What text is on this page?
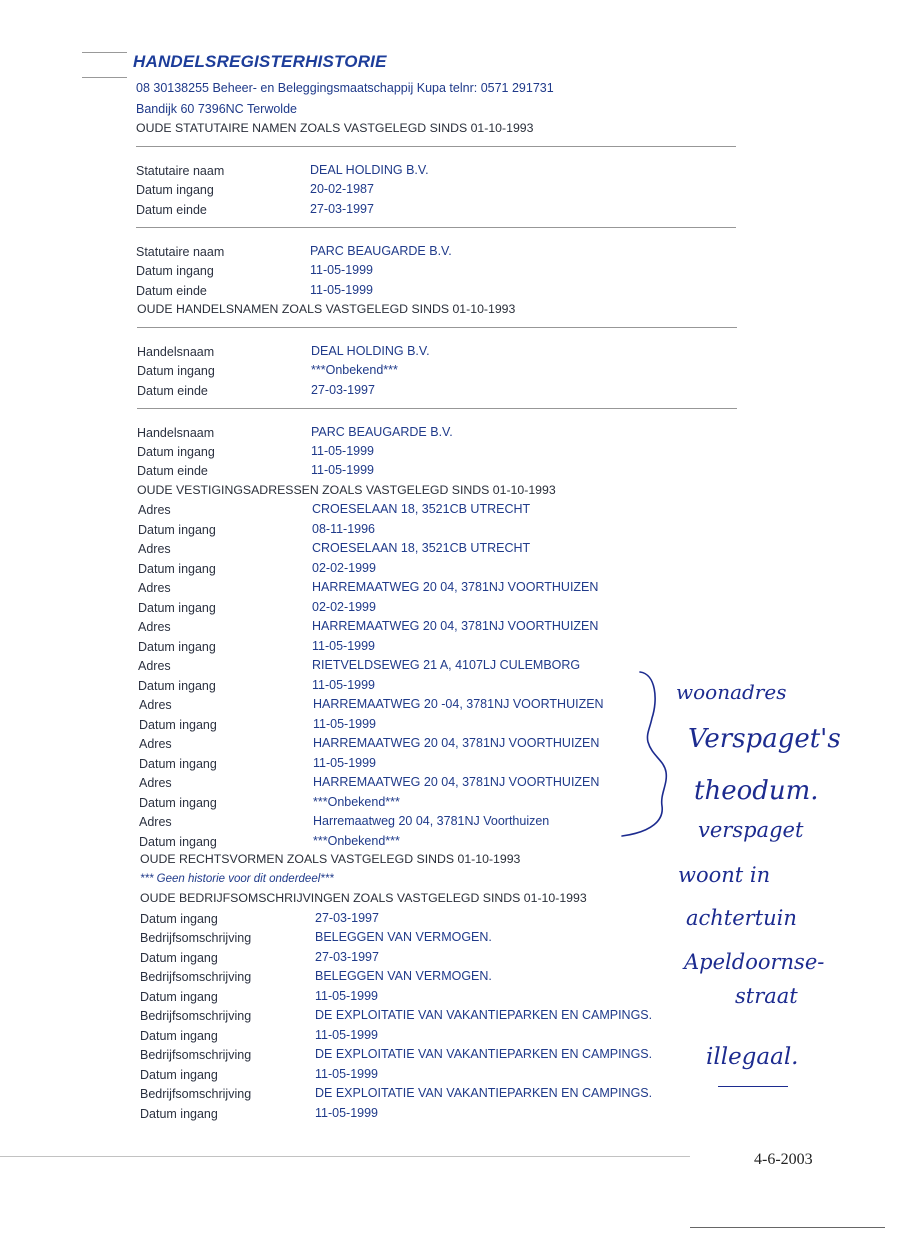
HANDELSREGISTERHISTORIE
08 30138255 Beheer- en Beleggingsmaatschappij Kupa telnr: 0571 291731
Bandijk 60 7396NC Terwolde
OUDE STATUTAIRE NAMEN ZOALS VASTGELEGD SINDS 01-10-1993
Statutaire naam	DEAL HOLDING B.V.
Datum ingang	20-02-1987
Datum einde	27-03-1997
Statutaire naam	PARC BEAUGARDE B.V.
Datum ingang	11-05-1999
Datum einde	11-05-1999
OUDE HANDELSNAMEN ZOALS VASTGELEGD SINDS 01-10-1993
Handelsnaam	DEAL HOLDING B.V.
Datum ingang	***Onbekend***
Datum einde	27-03-1997
Handelsnaam	PARC BEAUGARDE B.V.
Datum ingang	11-05-1999
Datum einde	11-05-1999
OUDE VESTIGINGSADRESSEN ZOALS VASTGELEGD SINDS 01-10-1993
Adres	CROESELAAN 18, 3521CB UTRECHT
Datum ingang	08-11-1996
Adres	CROESELAAN 18, 3521CB UTRECHT
Datum ingang	02-02-1999
Adres	HARREMAATWEG 20 04, 3781NJ VOORTHUIZEN
Datum ingang	02-02-1999
Adres	HARREMAATWEG 20 04, 3781NJ VOORTHUIZEN
Datum ingang	11-05-1999
Adres	RIETVELDSEWEG 21 A, 4107LJ CULEMBORG
Datum ingang	11-05-1999
Adres	HARREMAATWEG 20 -04, 3781NJ VOORTHUIZEN
Datum ingang	11-05-1999
Adres	HARREMAATWEG 20 04, 3781NJ VOORTHUIZEN
Datum ingang	11-05-1999
Adres	HARREMAATWEG 20 04, 3781NJ VOORTHUIZEN
Datum ingang	***Onbekend***
Adres	Harremaatweg 20 04, 3781NJ Voorthuizen
Datum ingang	***Onbekend***
OUDE RECHTSVORMEN ZOALS VASTGELEGD SINDS 01-10-1993
*** Geen historie voor dit onderdeel***
OUDE BEDRIJFSOMSCHRIJVINGEN ZOALS VASTGELEGD SINDS 01-10-1993
Datum ingang	27-03-1997
Bedrijfsomschrijving	BELEGGEN VAN VERMOGEN.
Datum ingang	27-03-1997
Bedrijfsomschrijving	BELEGGEN VAN VERMOGEN.
Datum ingang	11-05-1999
Bedrijfsomschrijving	DE EXPLOITATIE VAN VAKANTIEPARKEN EN CAMPINGS.
Datum ingang	11-05-1999
Bedrijfsomschrijving	DE EXPLOITATIE VAN VAKANTIEPARKEN EN CAMPINGS.
Datum ingang	11-05-1999
Bedrijfsomschrijving	DE EXPLOITATIE VAN VAKANTIEPARKEN EN CAMPINGS.
Datum ingang	11-05-1999
4-6-2003
woonadres
Verspaget's
theodum.
verspaget
woont in
achtertuin
Apeldoornse-
straat
illegaal.
